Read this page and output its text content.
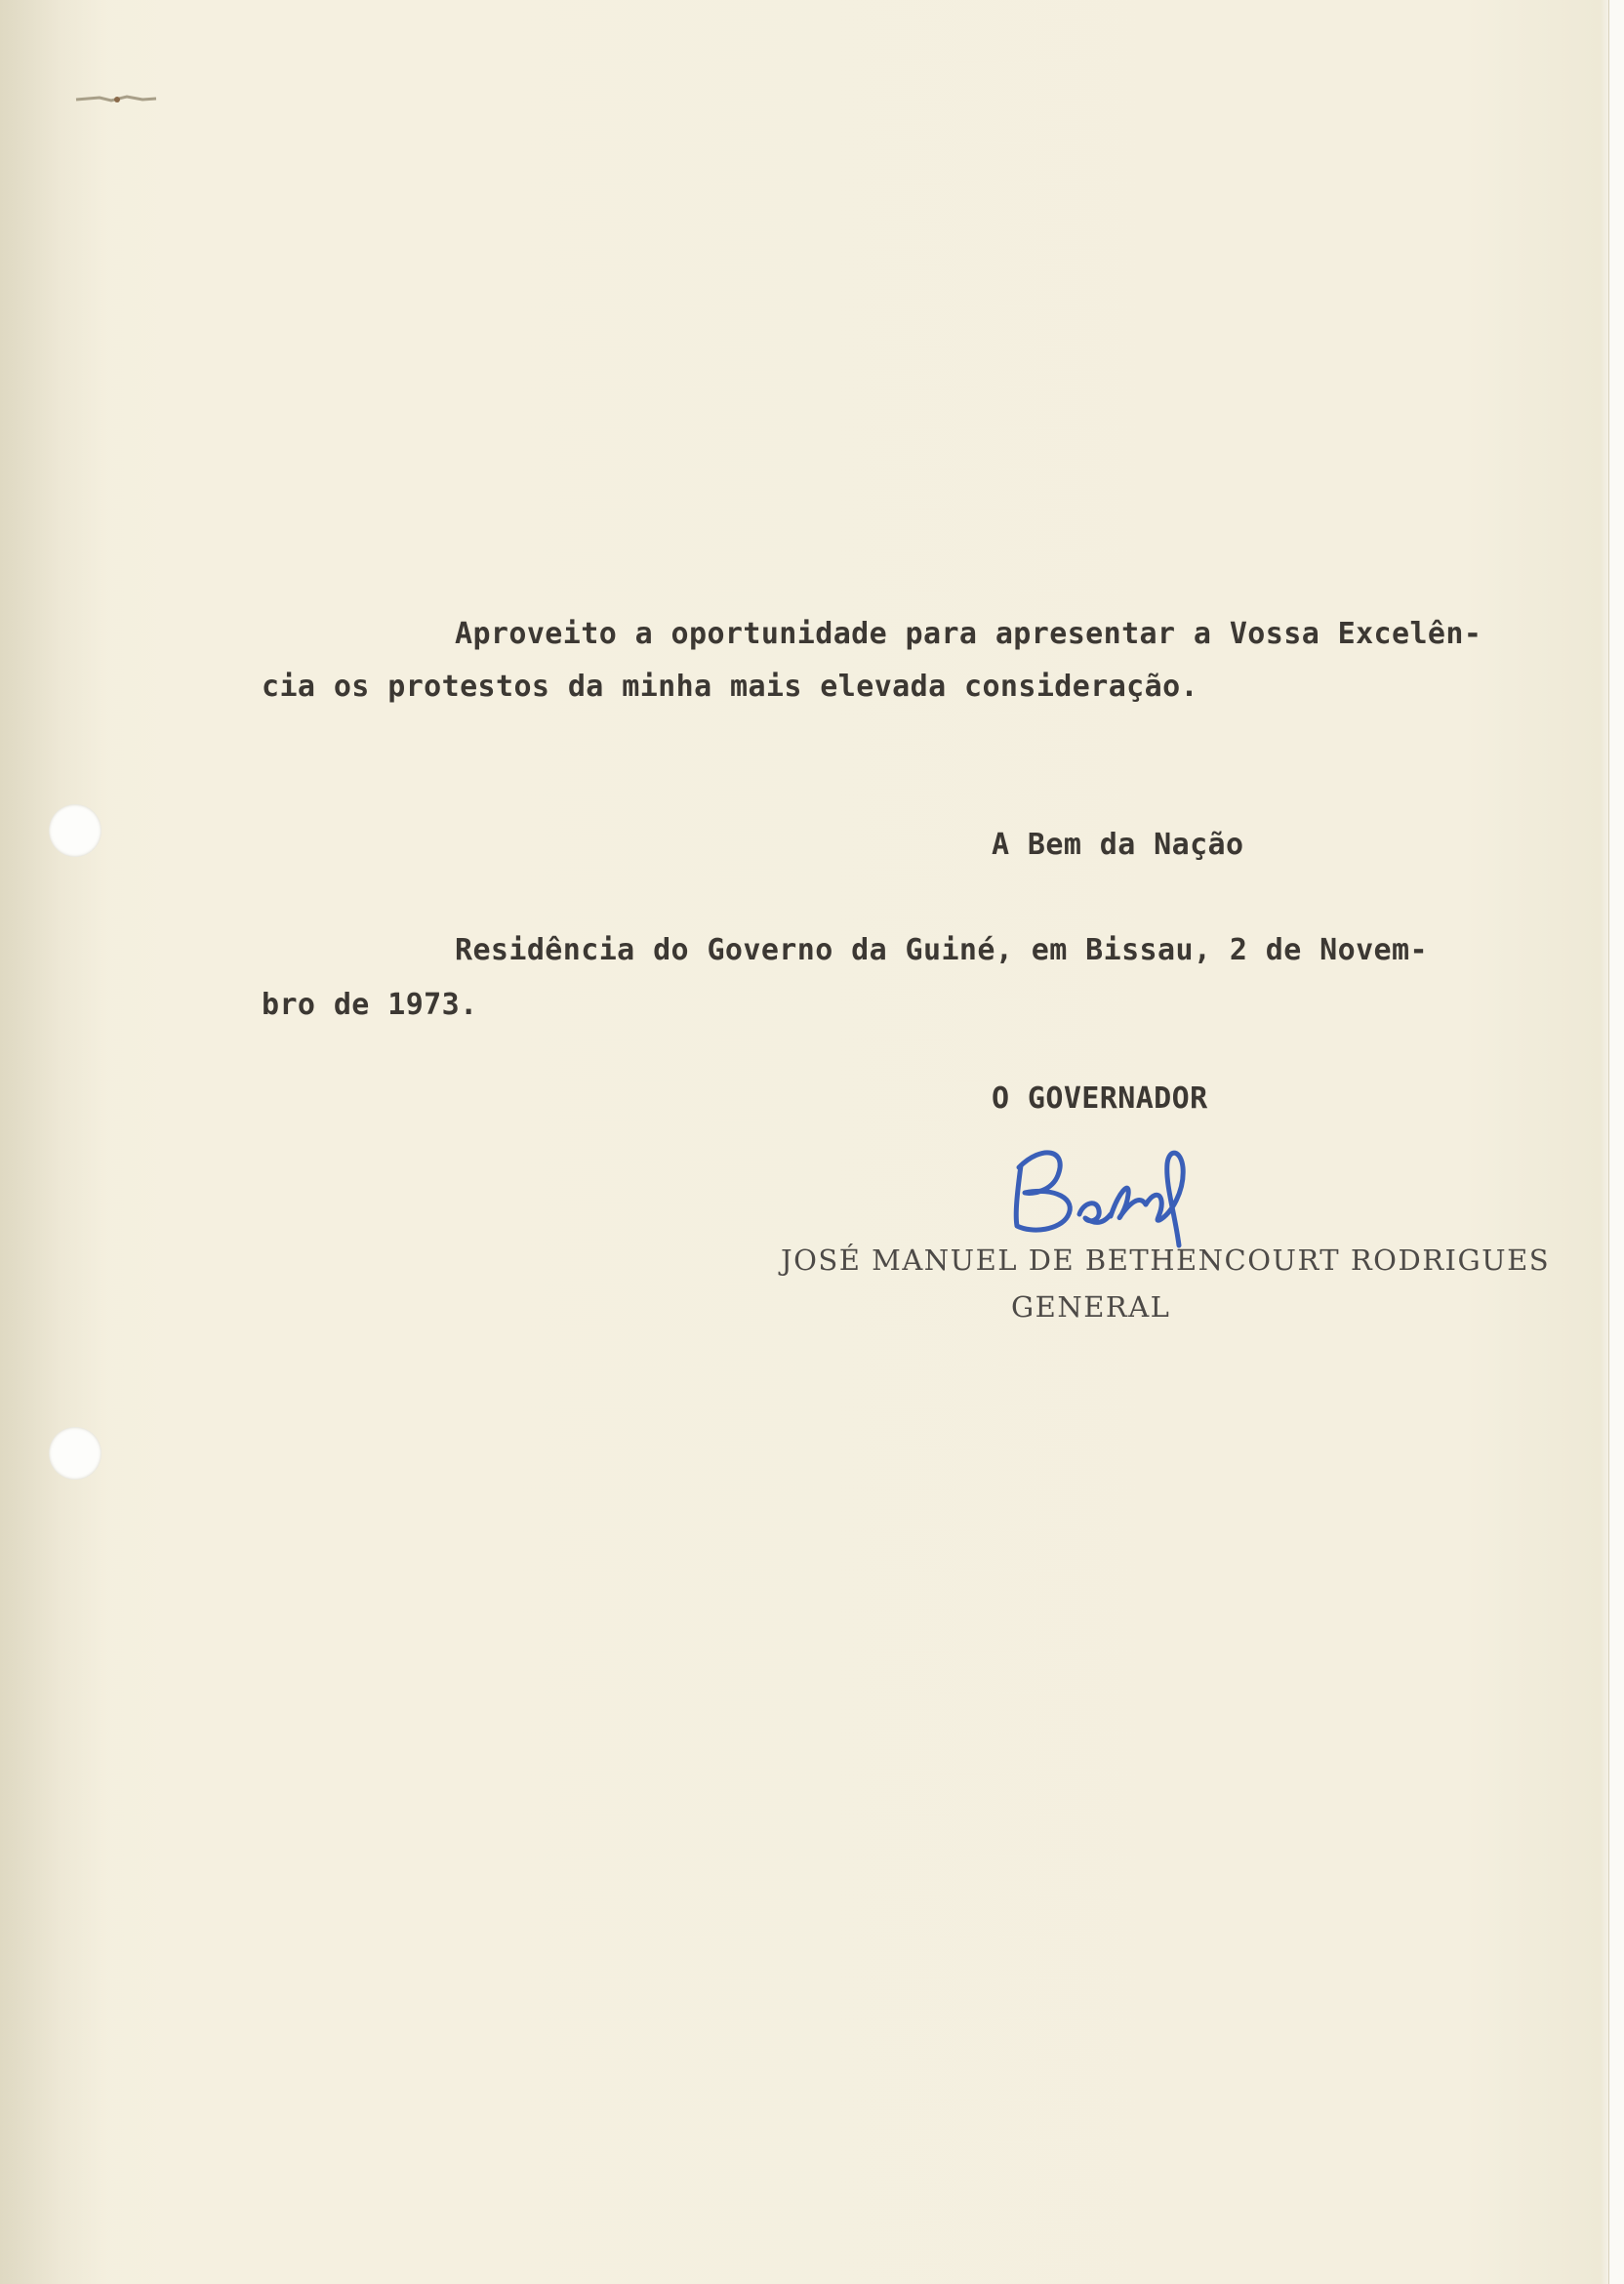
Aproveito a oportunidade para apresentar a Vossa Excelên-

cia os protestos da minha mais elevada consideração.

A Bem da Nação

Residência do Governo da Guiné, em Bissau, 2 de Novem-

bro de 1973.

O GOVERNADOR

JOSÉ MANUEL DE BETHENCOURT RODRIGUES

GENERAL
